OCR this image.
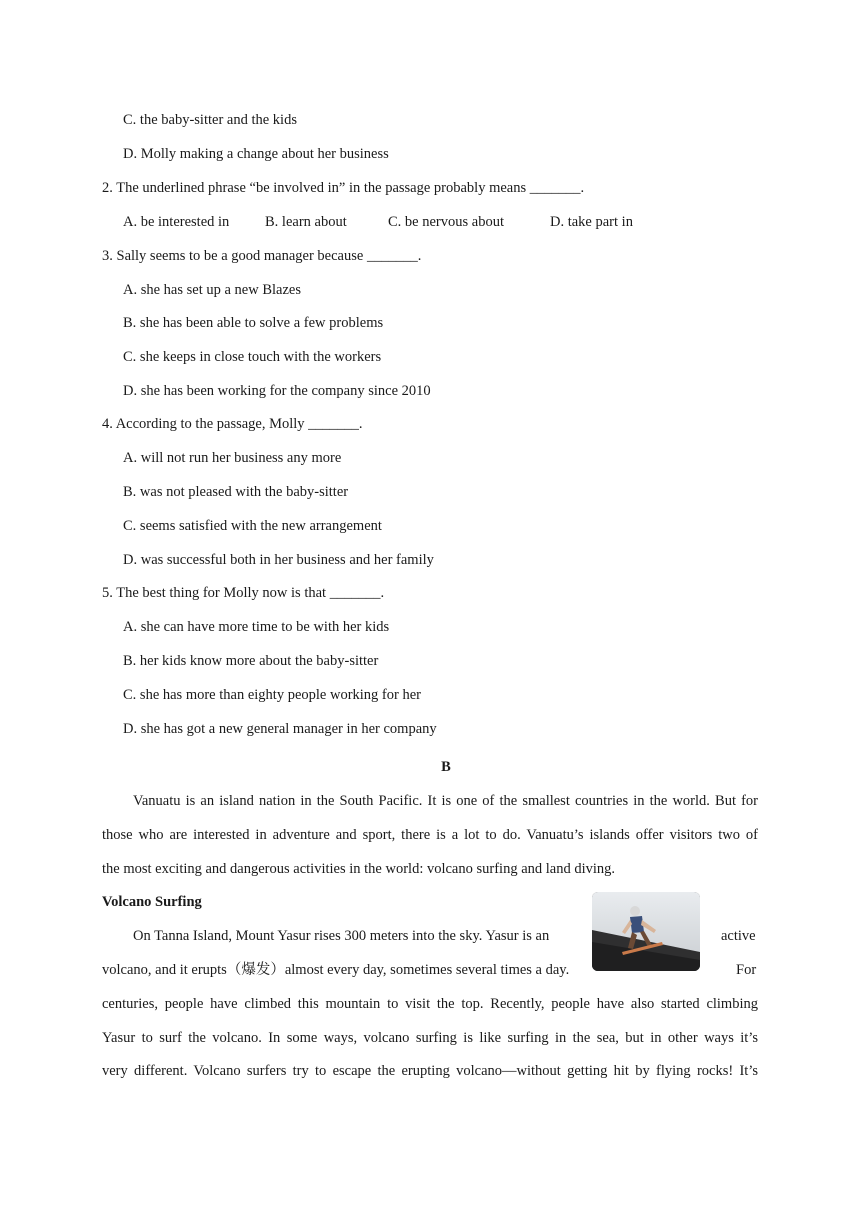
C. the baby-sitter and the kids
D. Molly making a change about her business
2. The underlined phrase “be involved in” in the passage probably means _______.
A. be interested in B. learn about	C. be nervous about	D. take part in
3. Sally seems to be a good manager because _______.
A. she has set up a new Blazes
B. she has been able to solve a few problems
C. she keeps in close touch with the workers
D. she has been working for the company since 2010
4. According to the passage, Molly _______.
A. will not run her business any more
B. was not pleased with the baby-sitter
C. seems satisfied with the new arrangement
D. was successful both in her business and her family
5. The best thing for Molly now is that _______.
A. she can have more time to be with her kids
B. her kids know more about the baby-sitter
C. she has more than eighty people working for her
D. she has got a new general manager in her company
B
Vanuatu is an island nation in the South Pacific. It is one of the smallest countries in the world. But for
those who are interested in adventure and sport, there is a lot to do. Vanuatu’s islands offer visitors two of
the most exciting and dangerous activities in the world: volcano surfing and land diving.
Volcano Surfing
On Tanna Island, Mount Yasur rises 300 meters into the sky. Yasur is an	active
volcano, and it erupts（爆发）almost every day, sometimes several times a day.	For
centuries, people have climbed this mountain to visit the top. Recently, people have also started climbing
Yasur to surf the volcano. In some ways, volcano surfing is like surfing in the sea, but in other ways it’s
very different. Volcano surfers try to escape the erupting volcano—without getting hit by flying rocks! It’s
